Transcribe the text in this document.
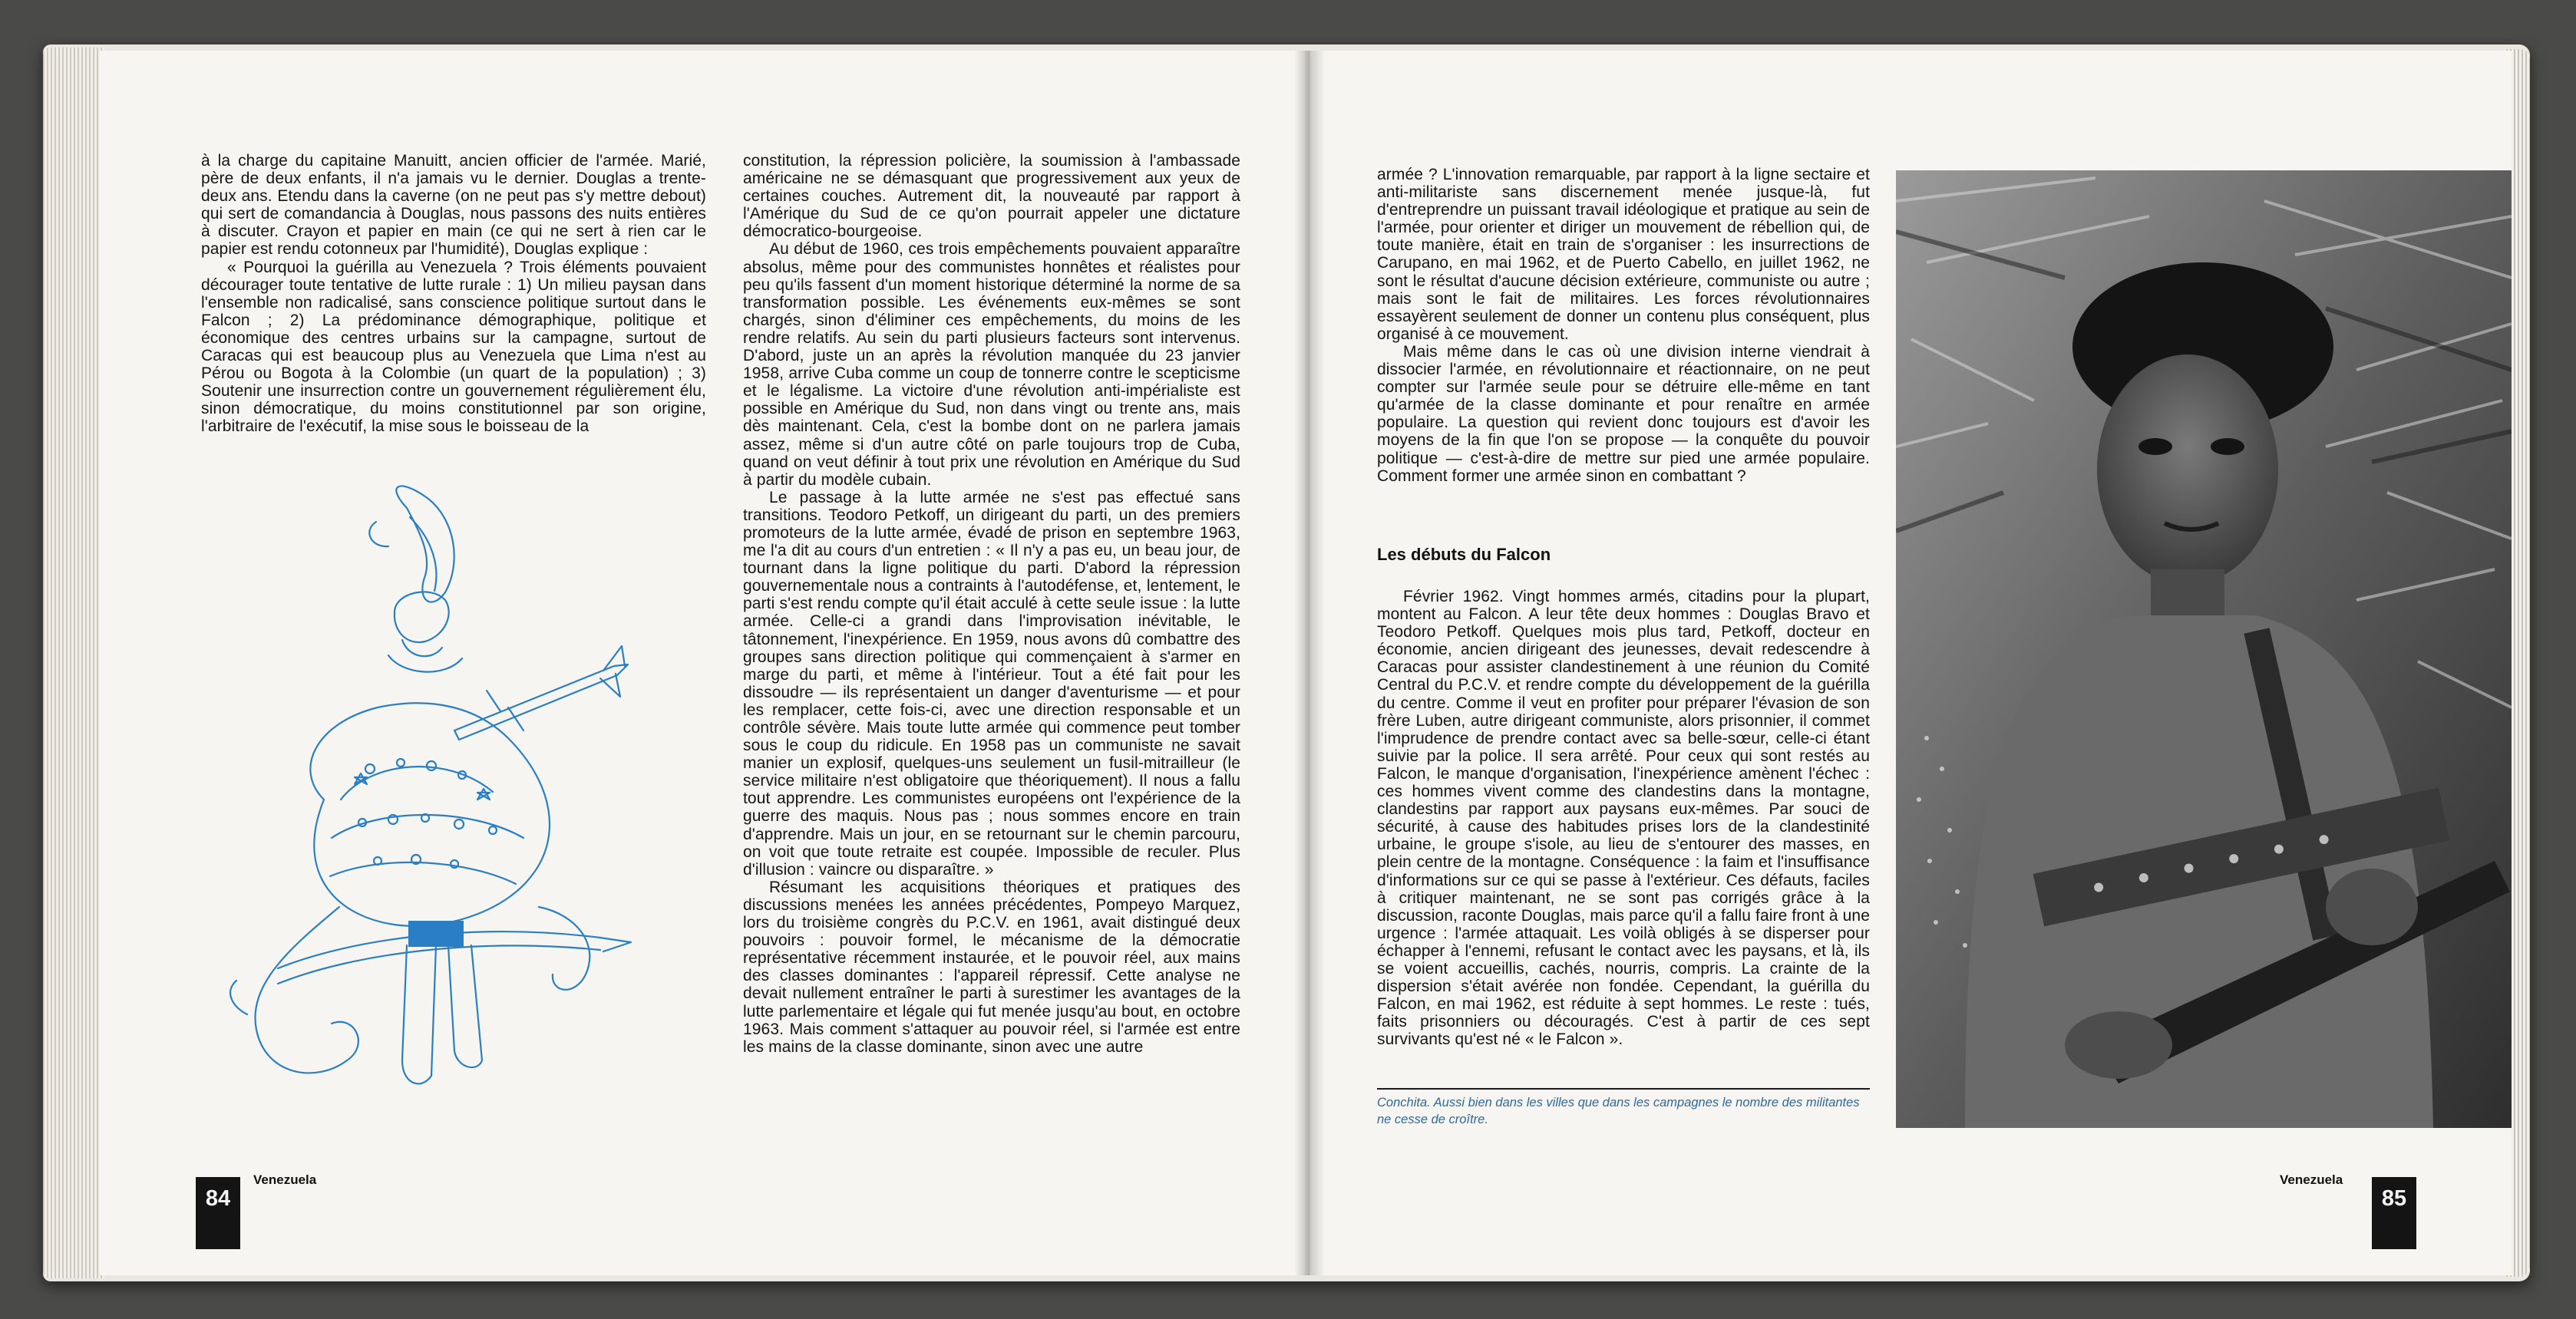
à la charge du capitaine Manuitt, ancien officier de l'armée. Marié, père de deux enfants, il n'a jamais vu le dernier. Douglas a trente-deux ans. Etendu dans la caverne (on ne peut pas s'y mettre debout) qui sert de comandancia à Douglas, nous passons des nuits entières à discuter. Crayon et papier en main (ce qui ne sert à rien car le papier est rendu cotonneux par l'humidité), Douglas explique :

« Pourquoi la guérilla au Venezuela ? Trois éléments pouvaient décourager toute tentative de lutte rurale : 1) Un milieu paysan dans l'ensemble non radicalisé, sans conscience politique surtout dans le Falcon ; 2) La prédominance démographique, politique et économique des centres urbains sur la campagne, surtout de Caracas qui est beaucoup plus au Venezuela que Lima n'est au Pérou ou Bogota à la Colombie (un quart de la population) ; 3) Soutenir une insurrection contre un gouvernement régulièrement élu, sinon démocratique, du moins constitutionnel par son origine, l'arbitraire de l'exécutif, la mise sous le boisseau de la

constitution, la répression policière, la soumission à l'ambassade américaine ne se démasquant que progressivement aux yeux de certaines couches. Autrement dit, la nouveauté par rapport à l'Amérique du Sud de ce qu'on pourrait appeler une dictature démocratico-bourgeoise.

Au début de 1960, ces trois empêchements pouvaient apparaître absolus, même pour des communistes honnêtes et réalistes pour peu qu'ils fassent d'un moment historique déterminé la norme de sa transformation possible. Les événements eux-mêmes se sont chargés, sinon d'éliminer ces empêchements, du moins de les rendre relatifs. Au sein du parti plusieurs facteurs sont intervenus. D'abord, juste un an après la révolution manquée du 23 janvier 1958, arrive Cuba comme un coup de tonnerre contre le scepticisme et le légalisme. La victoire d'une révolution anti-impérialiste est possible en Amérique du Sud, non dans vingt ou trente ans, mais dès maintenant. Cela, c'est la bombe dont on ne parlera jamais assez, même si d'un autre côté on parle toujours trop de Cuba, quand on veut définir à tout prix une révolution en Amérique du Sud à partir du modèle cubain.

Le passage à la lutte armée ne s'est pas effectué sans transitions. Teodoro Petkoff, un dirigeant du parti, un des premiers promoteurs de la lutte armée, évadé de prison en septembre 1963, me l'a dit au cours d'un entretien : « Il n'y a pas eu, un beau jour, de tournant dans la ligne politique du parti. D'abord la répression gouvernementale nous a contraints à l'autodéfense, et, lentement, le parti s'est rendu compte qu'il était acculé à cette seule issue : la lutte armée. Celle-ci a grandi dans l'improvisation inévitable, le tâtonnement, l'inexpérience. En 1959, nous avons dû combattre des groupes sans direction politique qui commençaient à s'armer en marge du parti, et même à l'intérieur. Tout a été fait pour les dissoudre — ils représentaient un danger d'aventurisme — et pour les remplacer, cette fois-ci, avec une direction responsable et un contrôle sévère. Mais toute lutte armée qui commence peut tomber sous le coup du ridicule. En 1958 pas un communiste ne savait manier un explosif, quelques-uns seulement un fusil-mitrailleur (le service militaire n'est obligatoire que théoriquement). Il nous a fallu tout apprendre. Les communistes européens ont l'expérience de la guerre des maquis. Nous pas ; nous sommes encore en train d'apprendre. Mais un jour, en se retournant sur le chemin parcouru, on voit que toute retraite est coupée. Impossible de reculer. Plus d'illusion : vaincre ou disparaître. »

Résumant les acquisitions théoriques et pratiques des discussions menées les années précédentes, Pompeyo Marquez, lors du troisième congrès du P.C.V. en 1961, avait distingué deux pouvoirs : pouvoir formel, le mécanisme de la démocratie représentative récemment instaurée, et le pouvoir réel, aux mains des classes dominantes : l'appareil répressif. Cette analyse ne devait nullement entraîner le parti à surestimer les avantages de la lutte parlementaire et légale qui fut menée jusqu'au bout, en octobre 1963. Mais comment s'attaquer au pouvoir réel, si l'armée est entre les mains de la classe dominante, sinon avec une autre

84
Venezuela

armée ? L'innovation remarquable, par rapport à la ligne sectaire et anti-militariste sans discernement menée jusque-là, fut d'entreprendre un puissant travail idéologique et pratique au sein de l'armée, pour orienter et diriger un mouvement de rébellion qui, de toute manière, était en train de s'organiser : les insurrections de Carupano, en mai 1962, et de Puerto Cabello, en juillet 1962, ne sont le résultat d'aucune décision extérieure, communiste ou autre ; mais sont le fait de militaires. Les forces révolutionnaires essayèrent seulement de donner un contenu plus conséquent, plus organisé à ce mouvement.

Mais même dans le cas où une division interne viendrait à dissocier l'armée, en révolutionnaire et réactionnaire, on ne peut compter sur l'armée seule pour se détruire elle-même en tant qu'armée de la classe dominante et pour renaître en armée populaire. La question qui revient donc toujours est d'avoir les moyens de la fin que l'on se propose — la conquête du pouvoir politique — c'est-à-dire de mettre sur pied une armée populaire. Comment former une armée sinon en combattant ?

Les débuts du Falcon

Février 1962. Vingt hommes armés, citadins pour la plupart, montent au Falcon. A leur tête deux hommes : Douglas Bravo et Teodoro Petkoff. Quelques mois plus tard, Petkoff, docteur en économie, ancien dirigeant des jeunesses, devait redescendre à Caracas pour assister clandestinement à une réunion du Comité Central du P.C.V. et rendre compte du développement de la guérilla du centre. Comme il veut en profiter pour préparer l'évasion de son frère Luben, autre dirigeant communiste, alors prisonnier, il commet l'imprudence de prendre contact avec sa belle-sœur, celle-ci étant suivie par la police. Il sera arrêté. Pour ceux qui sont restés au Falcon, le manque d'organisation, l'inexpérience amènent l'échec : ces hommes vivent comme des clandestins dans la montagne, clandestins par rapport aux paysans eux-mêmes. Par souci de sécurité, à cause des habitudes prises lors de la clandestinité urbaine, le groupe s'isole, au lieu de s'entourer des masses, en plein centre de la montagne. Conséquence : la faim et l'insuffisance d'informations sur ce qui se passe à l'extérieur. Ces défauts, faciles à critiquer maintenant, ne se sont pas corrigés grâce à la discussion, raconte Douglas, mais parce qu'il a fallu faire front à une urgence : l'armée attaquait. Les voilà obligés à se disperser pour échapper à l'ennemi, refusant le contact avec les paysans, et là, ils se voient accueillis, cachés, nourris, compris. La crainte de la dispersion s'était avérée non fondée. Cependant, la guérilla du Falcon, en mai 1962, est réduite à sept hommes. Le reste : tués, faits prisonniers ou découragés. C'est à partir de ces sept survivants qu'est né « le Falcon ».

Conchita. Aussi bien dans les villes que dans les campagnes le nombre des militantes ne cesse de croître.
Venezuela
85
